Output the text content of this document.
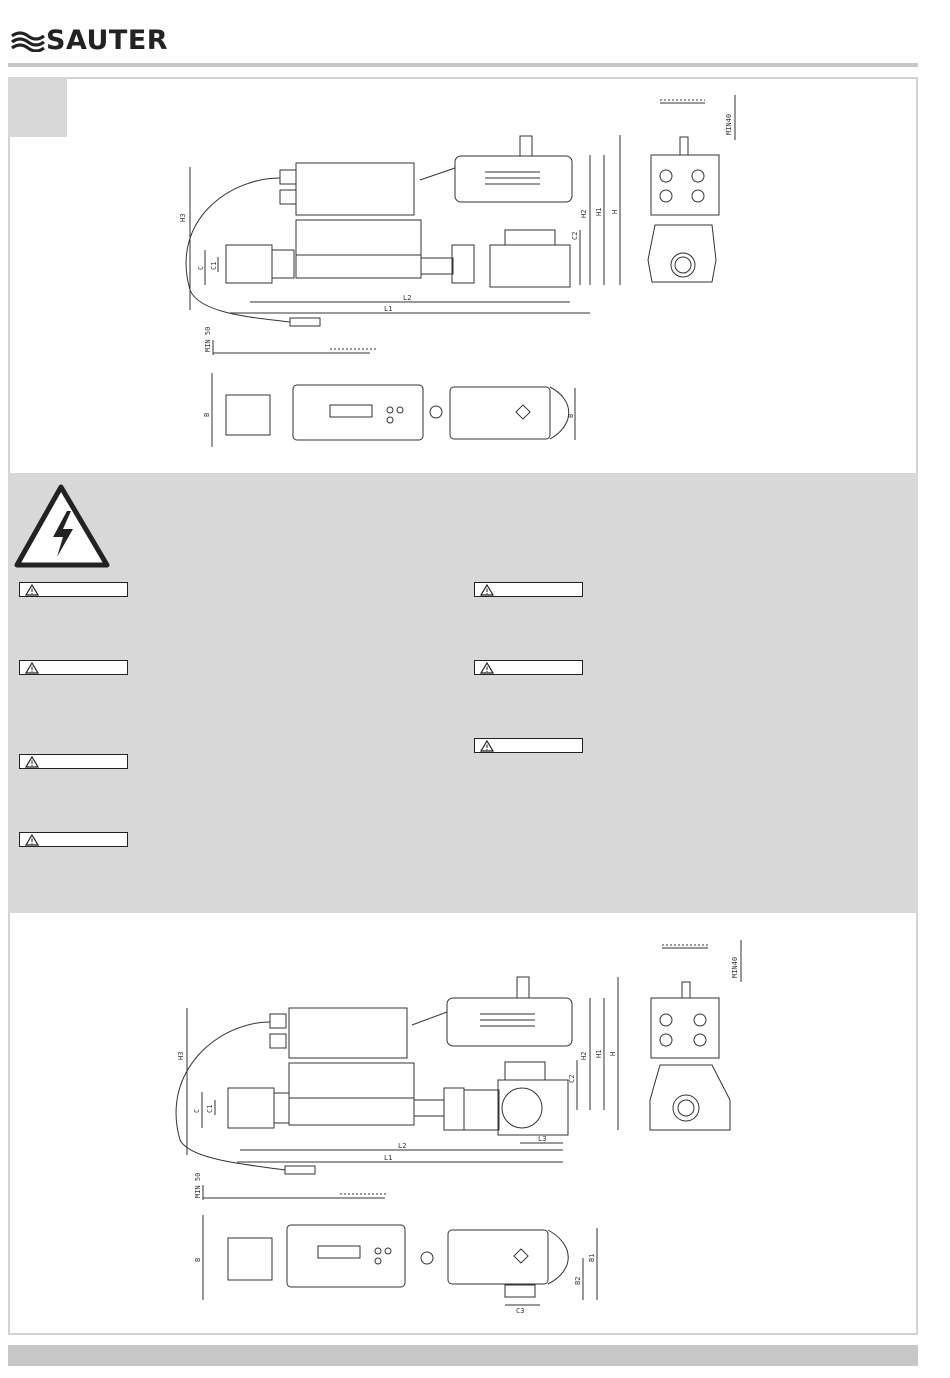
SAUTER
H3
C C1
L2
L1
C2
H2 H1 H
MIN 50
MIN40
B	B
H3
C C1
L2
L1
L3
C2
H2 H1 H
MIN 50
MIN40
B	B1
B2
C3
